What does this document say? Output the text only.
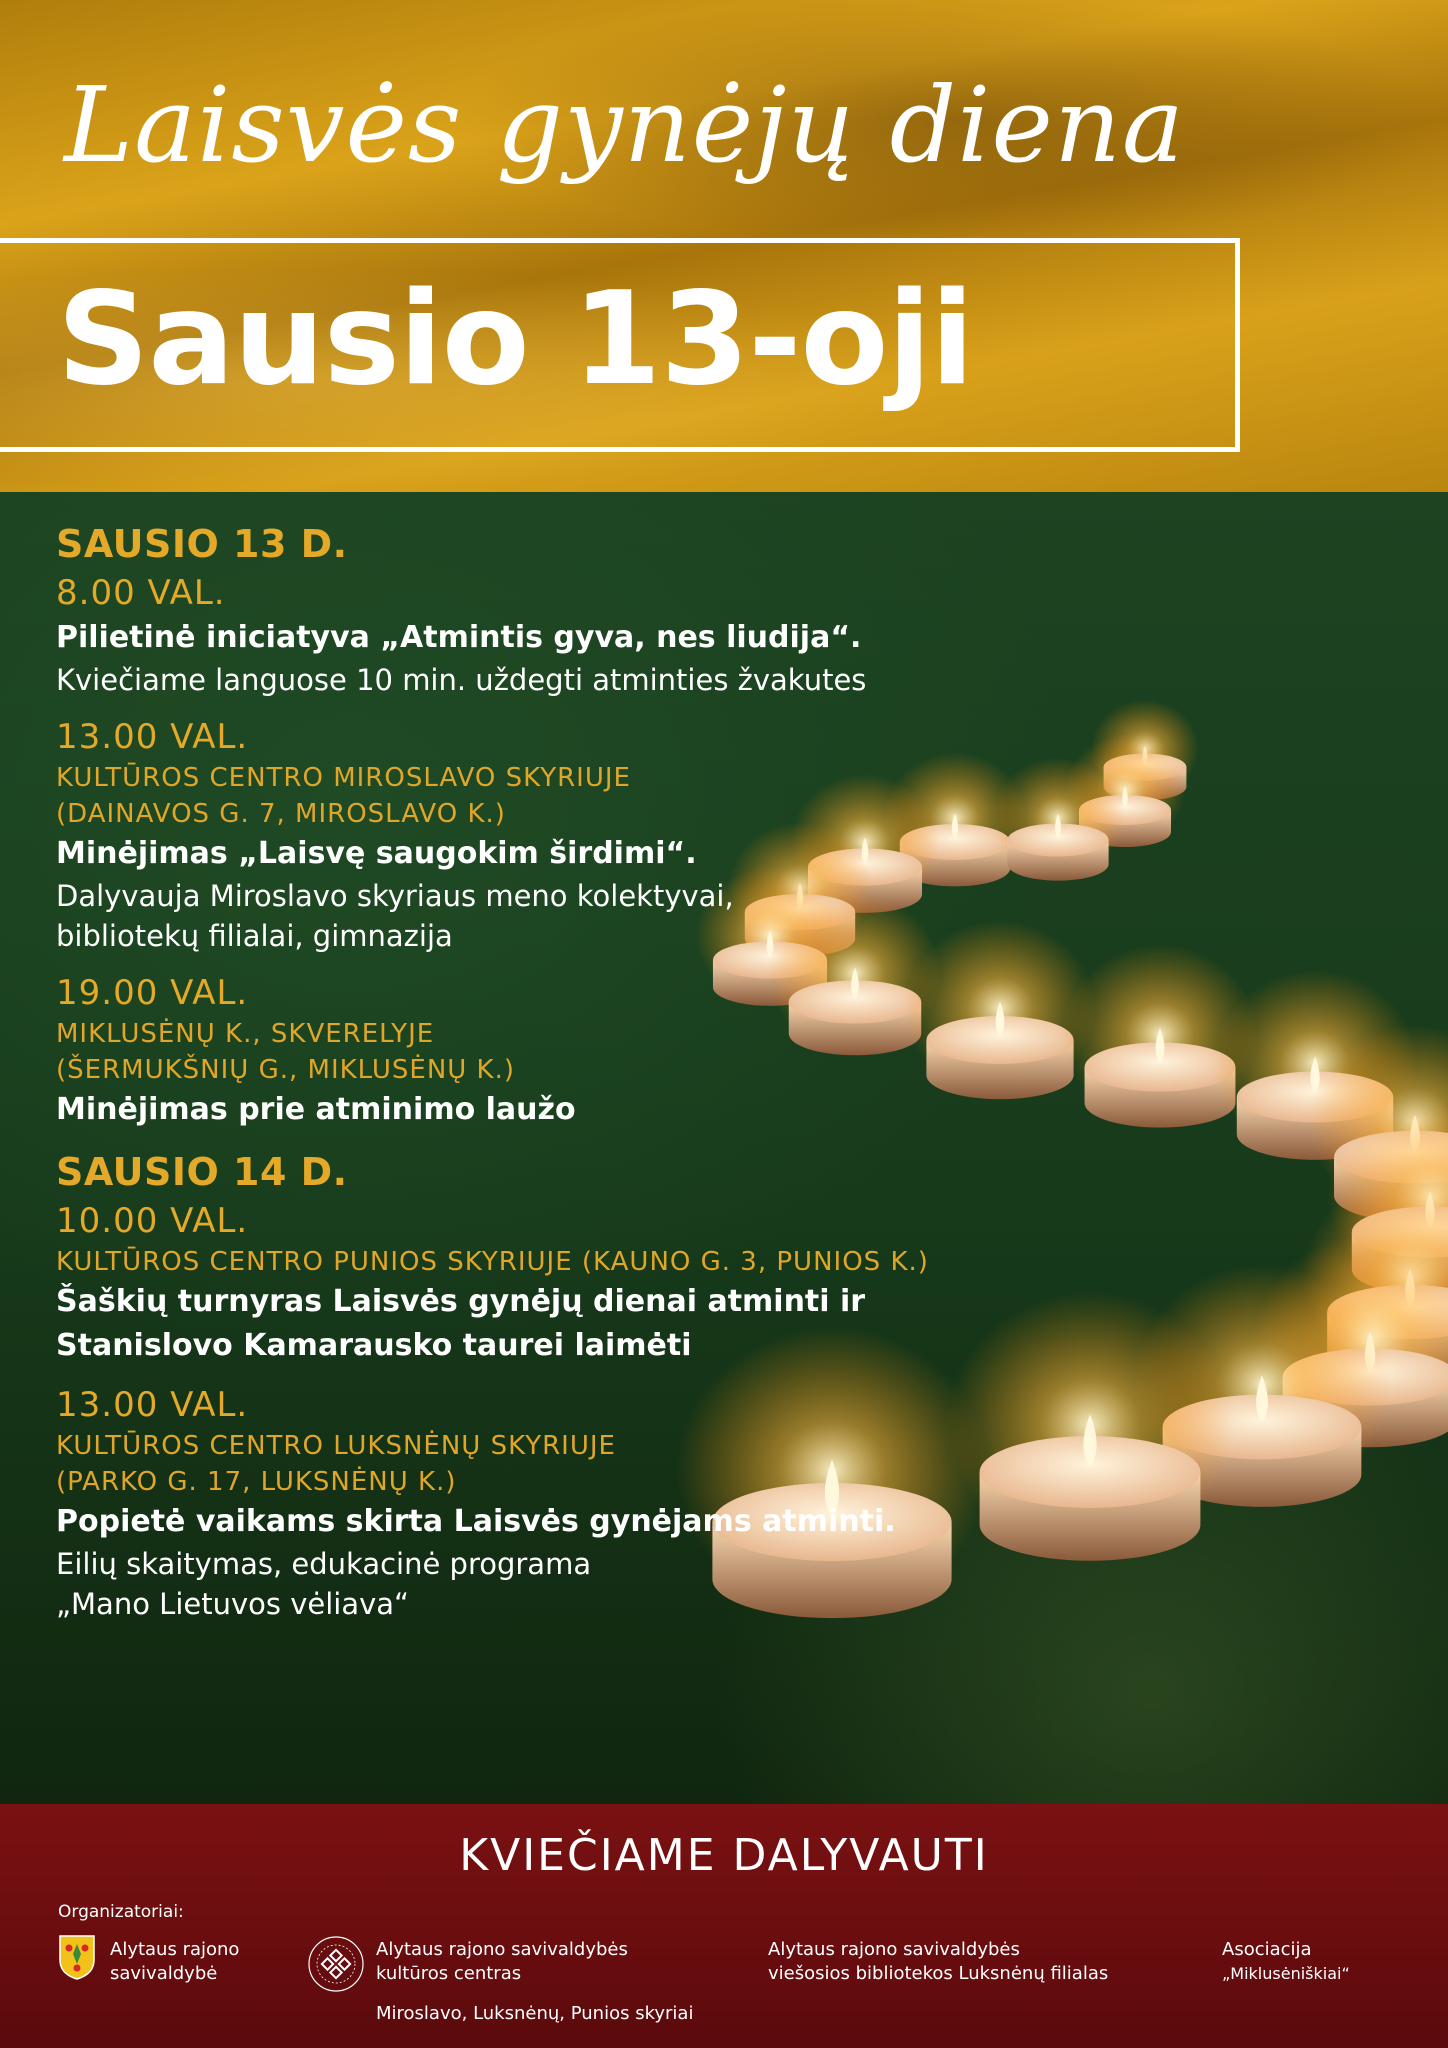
Laisvės gynėjų diena
Sausio 13-oji
SAUSIO 13 D.
8.00 VAL.
Pilietinė iniciatyva „Atmintis gyva, nes liudija“.
Kviečiame languose 10 min. uždegti atminties žvakutes
13.00 VAL.
KULTŪROS CENTRO MIROSLAVO SKYRIUJE
(DAINAVOS G. 7, MIROSLAVO K.)
Minėjimas „Laisvę saugokim širdimi“.
Dalyvauja Miroslavo skyriaus meno kolektyvai,
bibliotekų filialai, gimnazija
19.00 VAL.
MIKLUSĖNŲ K., SKVERELYJE
(ŠERMUKŠNIŲ G., MIKLUSĖNŲ K.)
Minėjimas prie atminimo laužo
SAUSIO 14 D.
10.00 VAL.
KULTŪROS CENTRO PUNIOS SKYRIUJE (KAUNO G. 3, PUNIOS K.)
Šaškių turnyras Laisvės gynėjų dienai atminti ir
Stanislovo Kamarausko taurei laimėti
13.00 VAL.
KULTŪROS CENTRO LUKSNĖNŲ SKYRIUJE
(PARKO G. 17, LUKSNĖNŲ K.)
Popietė vaikams skirta Laisvės gynėjams atminti.
Eilių skaitymas, edukacinė programa
„Mano Lietuvos vėliava“
KVIEČIAME DALYVAUTI
Organizatoriai:
Alytaus rajono
savivaldybė
Alytaus rajono savivaldybės
kultūros centras
Miroslavo, Luksnėnų, Punios skyriai
Alytaus rajono savivaldybės
viešosios bibliotekos Luksnėnų filialas
Asociacija
„Miklusėniškiai“
